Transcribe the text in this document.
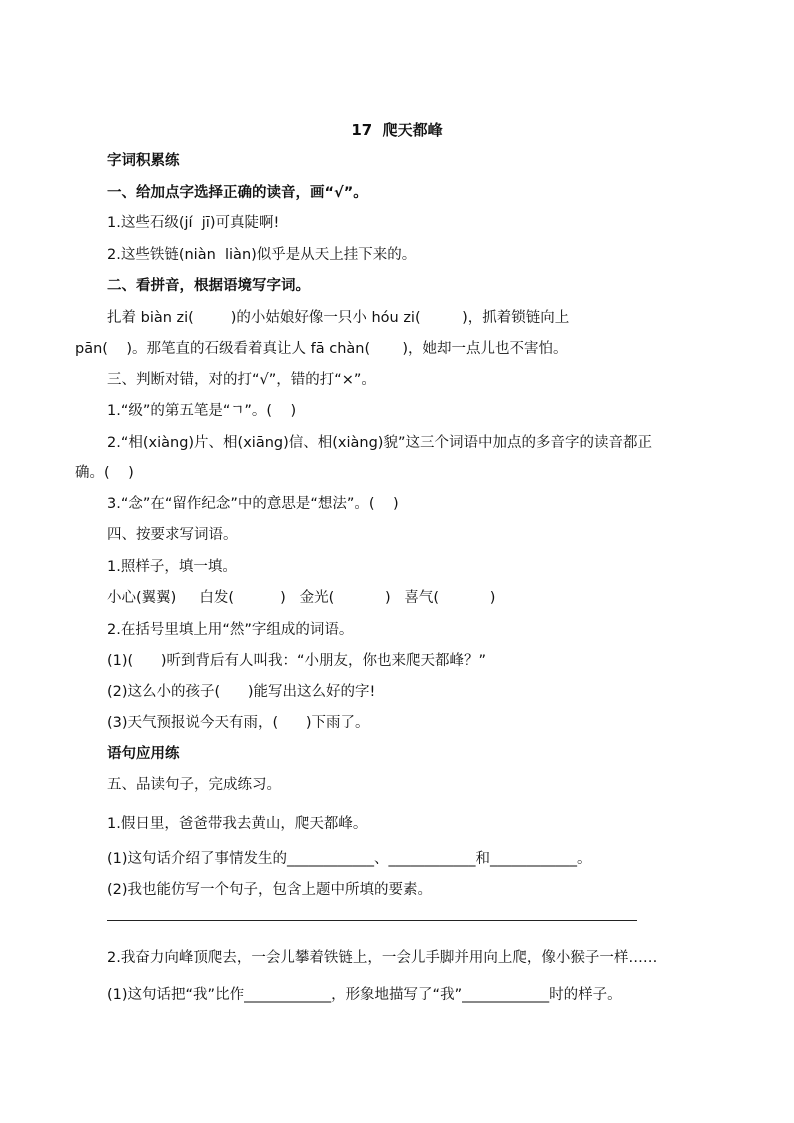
17  爬天都峰
字词积累练
一、给加点字选择正确的读音，画“√”。
1.这些石级(jí  jī)可真陡啊!
2.这些铁链(niàn  liàn)似乎是从天上挂下来的。
二、看拼音，根据语境写字词。
扎着 biàn zi(        )的小姑娘好像一只小 hóu zi(         )，抓着锁链向上
pān(    )。那笔直的石级看着真让人 fā chàn(       )，她却一点儿也不害怕。
三、判断对错，对的打“√”，错的打“×”。
1.“级”的第五笔是“ㄱ”。(    )
2.“相(xiàng)片、相(xiāng)信、相(xiàng)貌”这三个词语中加点的多音字的读音都正
确。(    )
3.“念”在“留作纪念”中的意思是“想法”。(    )
四、按要求写词语。
1.照样子，填一填。
小心(翼翼)     白发(          )   金光(           )   喜气(           )
2.在括号里填上用“然”字组成的词语。
(1)(      )听到背后有人叫我：“小朋友，你也来爬天都峰？”
(2)这么小的孩子(      )能写出这么好的字!
(3)天气预报说今天有雨，(      )下雨了。
语句应用练
五、品读句子，完成练习。
1.假日里，爸爸带我去黄山，爬天都峰。
(1)这句话介绍了事情发生的____________、____________和____________。
(2)我也能仿写一个句子，包含上题中所填的要素。
2.我奋力向峰顶爬去，一会儿攀着铁链上，一会儿手脚并用向上爬，像小猴子一样……
(1)这句话把“我”比作____________，形象地描写了“我”____________时的样子。
